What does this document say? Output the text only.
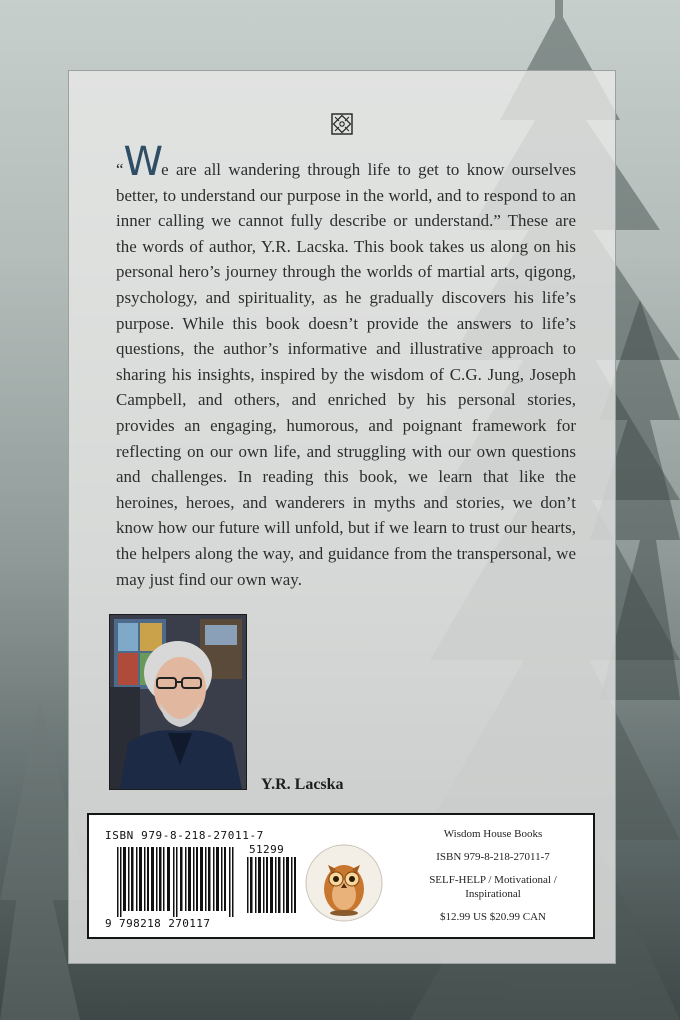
“We are all wandering through life to get to know ourselves better, to understand our purpose in the world, and to respond to an inner calling we cannot fully describe or understand.” These are the words of author, Y.R. Lacska. This book takes us along on his personal hero’s journey through the worlds of martial arts, qigong, psychology, and spirituality, as he gradually discovers his life’s purpose. While this book doesn’t provide the answers to life’s questions, the author’s informative and illustrative approach to sharing his insights, inspired by the wisdom of C.G. Jung, Joseph Campbell, and others, and enriched by his personal stories, provides an engaging, humorous, and poignant framework for reflecting on our own life, and struggling with our own questions and challenges. In reading this book, we learn that like the heroines, heroes, and wanderers in myths and stories, we don’t know how our future will unfold, but if we learn to trust our hearts, the helpers along the way, and guidance from the transpersonal, we may just find our own way.

Y.R. Lacska
ISBN 979-8-218-27011-7
51299
9 798218 270117
Wisdom House Books
ISBN 979-8-218-27011-7
SELF-HELP / Motivational / Inspirational
$12.99 US $20.99 CAN
